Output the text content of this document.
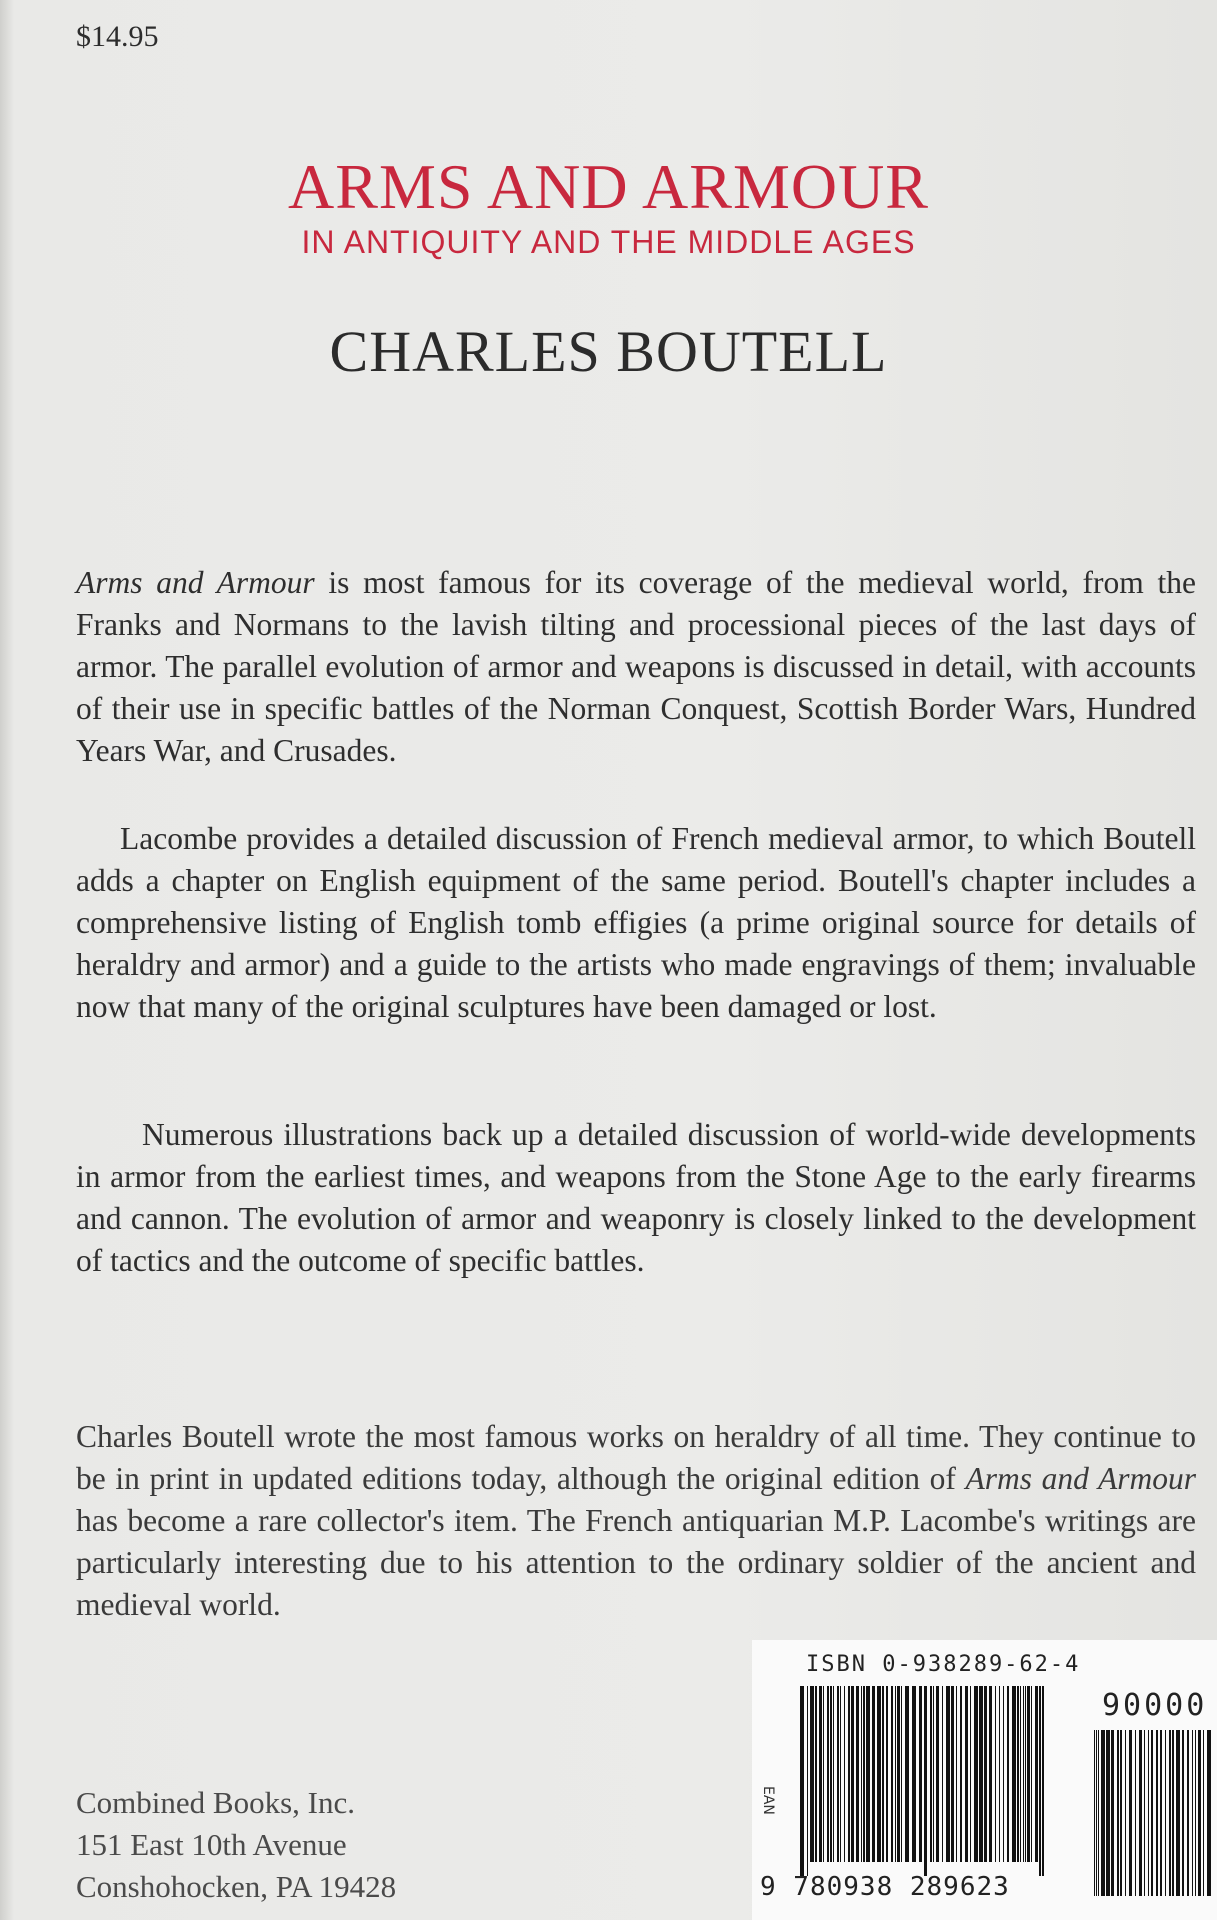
$14.95
ARMS AND ARMOUR
IN ANTIQUITY AND THE MIDDLE AGES
CHARLES BOUTELL

Arms and Armour is most famous for its coverage of the medieval world, from the Franks and Normans to the lavish tilting and processional pieces of the last days of armor. The parallel evolution of armor and weapons is discussed in detail, with accounts of their use in specific battles of the Norman Conquest, Scottish Border Wars, Hundred Years War, and Crusades.

Lacombe provides a detailed discussion of French medieval armor, to which Boutell adds a chapter on English equipment of the same period. Boutell's chapter includes a comprehensive listing of English tomb effigies (a prime original source for details of heraldry and armor) and a guide to the artists who made engravings of them; invaluable now that many of the original sculptures have been damaged or lost.

Numerous illustrations back up a detailed discussion of world-wide developments in armor from the earliest times, and weapons from the Stone Age to the early firearms and cannon. The evolution of armor and weaponry is closely linked to the development of tactics and the outcome of specific battles.

Charles Boutell wrote the most famous works on heraldry of all time. They continue to be in print in updated editions today, although the original edition of Arms and Armour has become a rare collector's item. The French antiquarian M.P. Lacombe's writings are particularly interesting due to his attention to the ordinary soldier of the ancient and medieval world.

Combined Books, Inc.
151 East 10th Avenue
Conshohocken, PA 19428
ISBN 0-938289-62-4
90000
EAN
9 780938 289623
